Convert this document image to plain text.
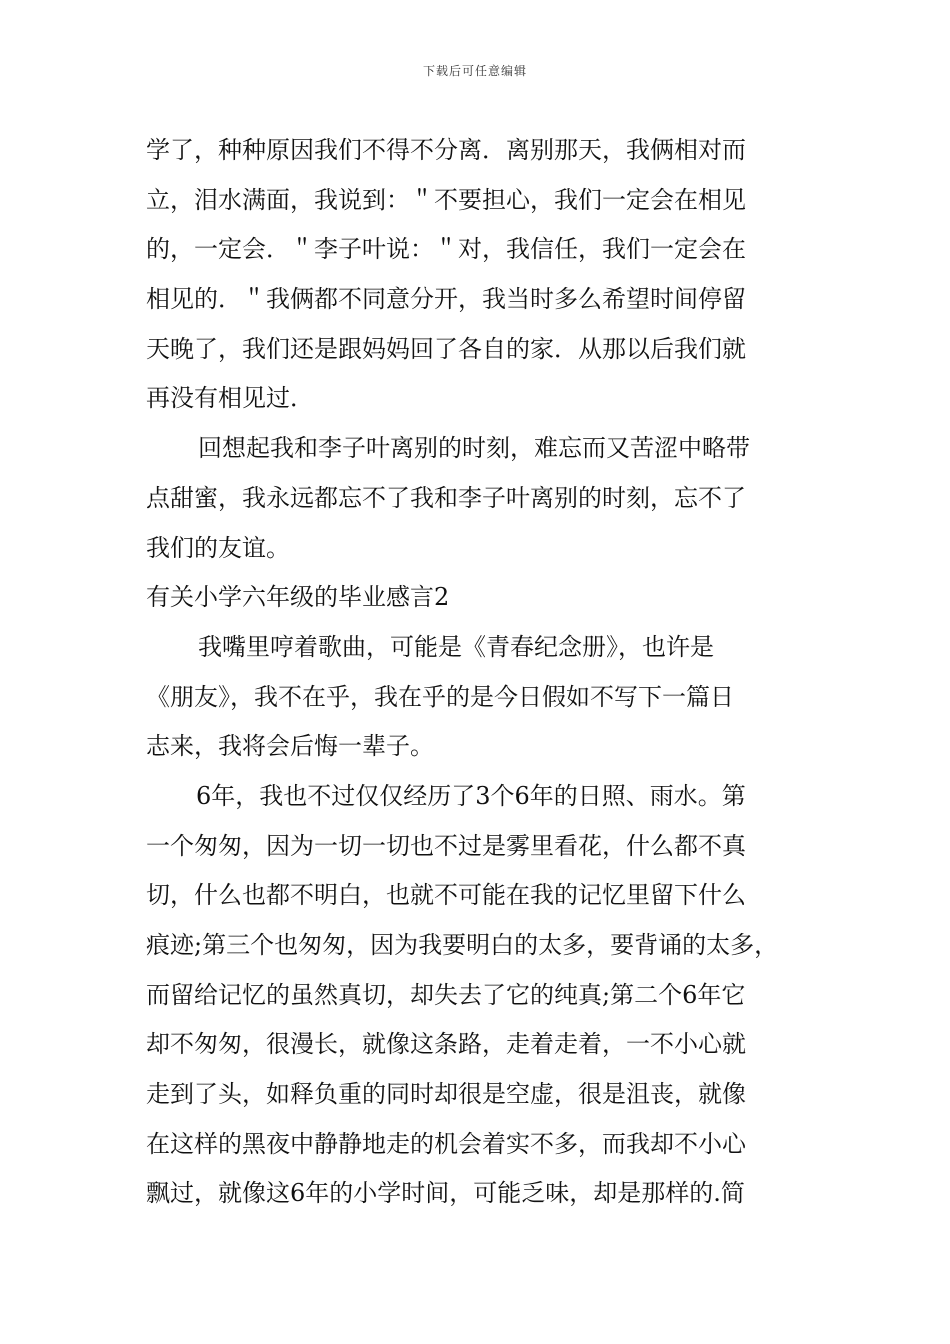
下载后可任意编辑
学了，种种原因我们不得不分离．离别那天，我俩相对而
立，泪水满面，我说到：＂不要担心，我们一定会在相见
的，一定会．＂李子叶说：＂对，我信任，我们一定会在
相见的．＂我俩都不同意分开，我当时多么希望时间停留
天晚了，我们还是跟妈妈回了各自的家．从那以后我们就
再没有相见过．
回想起我和李子叶离别的时刻，难忘而又苦涩中略带
点甜蜜，我永远都忘不了我和李子叶离别的时刻，忘不了
我们的友谊。
有关小学六年级的毕业感言2
我嘴里哼着歌曲，可能是《青春纪念册》，也许是
《朋友》，我不在乎，我在乎的是今日假如不写下一篇日
志来，我将会后悔一辈子。
6年，我也不过仅仅经历了3个6年的日照、雨水。第
一个匆匆，因为一切一切也不过是雾里看花，什么都不真
切，什么也都不明白，也就不可能在我的记忆里留下什么
痕迹;第三个也匆匆，因为我要明白的太多，要背诵的太多，
而留给记忆的虽然真切，却失去了它的纯真;第二个6年它
却不匆匆，很漫长，就像这条路，走着走着，一不小心就
走到了头，如释负重的同时却很是空虚，很是沮丧，就像
在这样的黑夜中静静地走的机会着实不多，而我却不小心
飘过，就像这6年的小学时间，可能乏味，却是那样的.简
